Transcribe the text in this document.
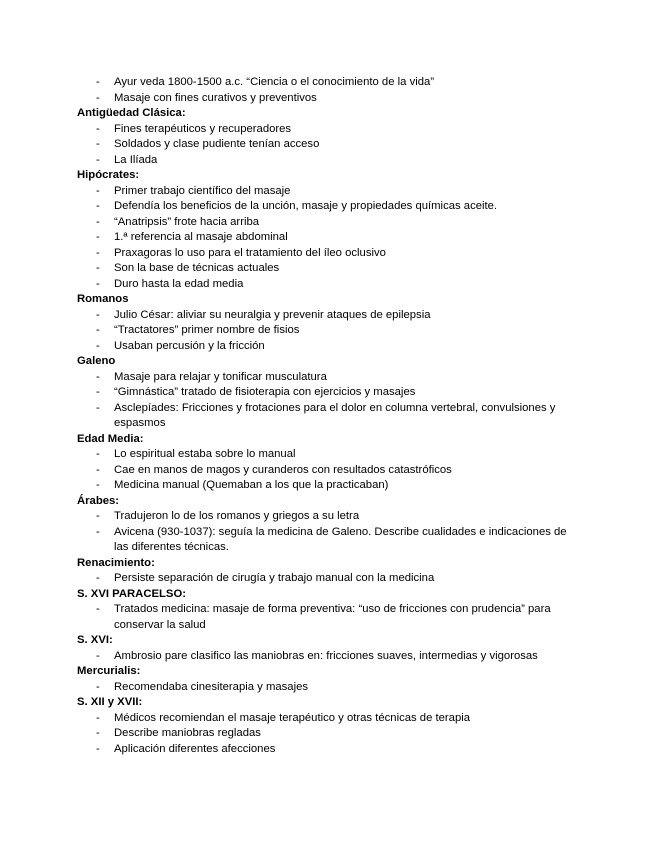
- Ayur veda 1800-1500 a.c. “Ciencia o el conocimiento de la vida”
- Masaje con fines curativos y preventivos
Antigüedad Clásica:
- Fines terapéuticos y recuperadores
- Soldados y clase pudiente tenían acceso
- La Ilíada
Hipócrates:
- Primer trabajo científico del masaje
- Defendía los beneficios de la unción, masaje y propiedades químicas aceite.
- “Anatripsis” frote hacia arriba
- 1.ª referencia al masaje abdominal
- Praxagoras lo uso para el tratamiento del íleo oclusivo
- Son la base de técnicas actuales
- Duro hasta la edad media
Romanos
- Julio César: aliviar su neuralgia y prevenir ataques de epilepsia
- “Tractatores” primer nombre de fisios
- Usaban percusión y la fricción
Galeno
- Masaje para relajar y tonificar musculatura
- “Gimnástica” tratado de fisioterapia con ejercicios y masajes
- Asclepíades: Fricciones y frotaciones para el dolor en columna vertebral, convulsiones y espasmos
Edad Media:
- Lo espiritual estaba sobre lo manual
- Cae en manos de magos y curanderos con resultados catastróficos
- Medicina manual (Quemaban a los que la practicaban)
Árabes:
- Tradujeron lo de los romanos y griegos a su letra
- Avicena (930-1037): seguía la medicina de Galeno. Describe cualidades e indicaciones de las diferentes técnicas.
Renacimiento:
- Persiste separación de cirugía y trabajo manual con la medicina
S. XVI PARACELSO:
- Tratados medicina: masaje de forma preventiva: “uso de fricciones con prudencia” para conservar la salud
S. XVI:
- Ambrosio pare clasifico las maniobras en: fricciones suaves, intermedias y vigorosas
Mercurialis:
- Recomendaba cinesiterapia y masajes
S. XII y XVII:
- Médicos recomiendan el masaje terapéutico y otras técnicas de terapia
- Describe maniobras regladas
- Aplicación diferentes afecciones
